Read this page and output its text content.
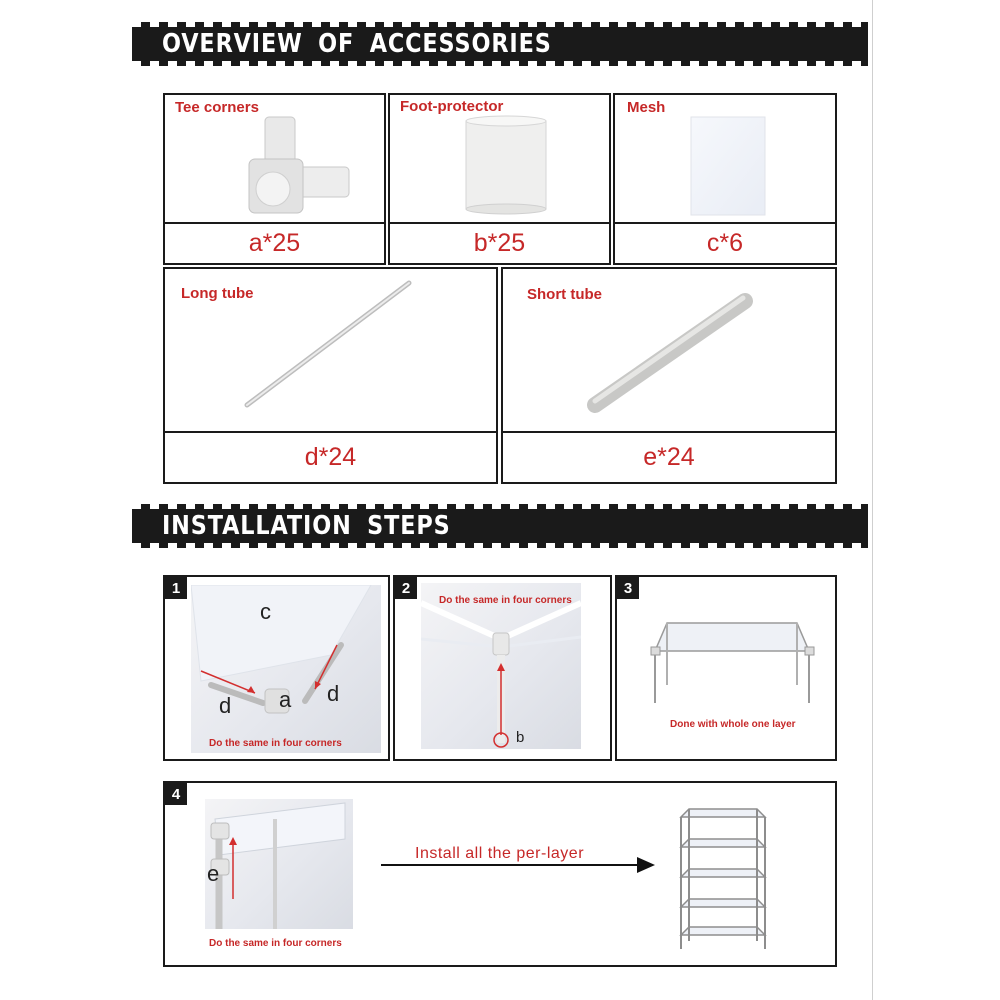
OVERVIEW OF ACCESSORIES
Tee corners
a*25
Foot-protector
b*25
Mesh
c*6
Long tube
d*24
Short tube
e*24
INSTALLATION STEPS
1
c
d a d
Do the same in four corners
2
Do the same in four corners
b
3
Done with whole one layer
4
e
Do the same in four corners
Install all the per-layer
